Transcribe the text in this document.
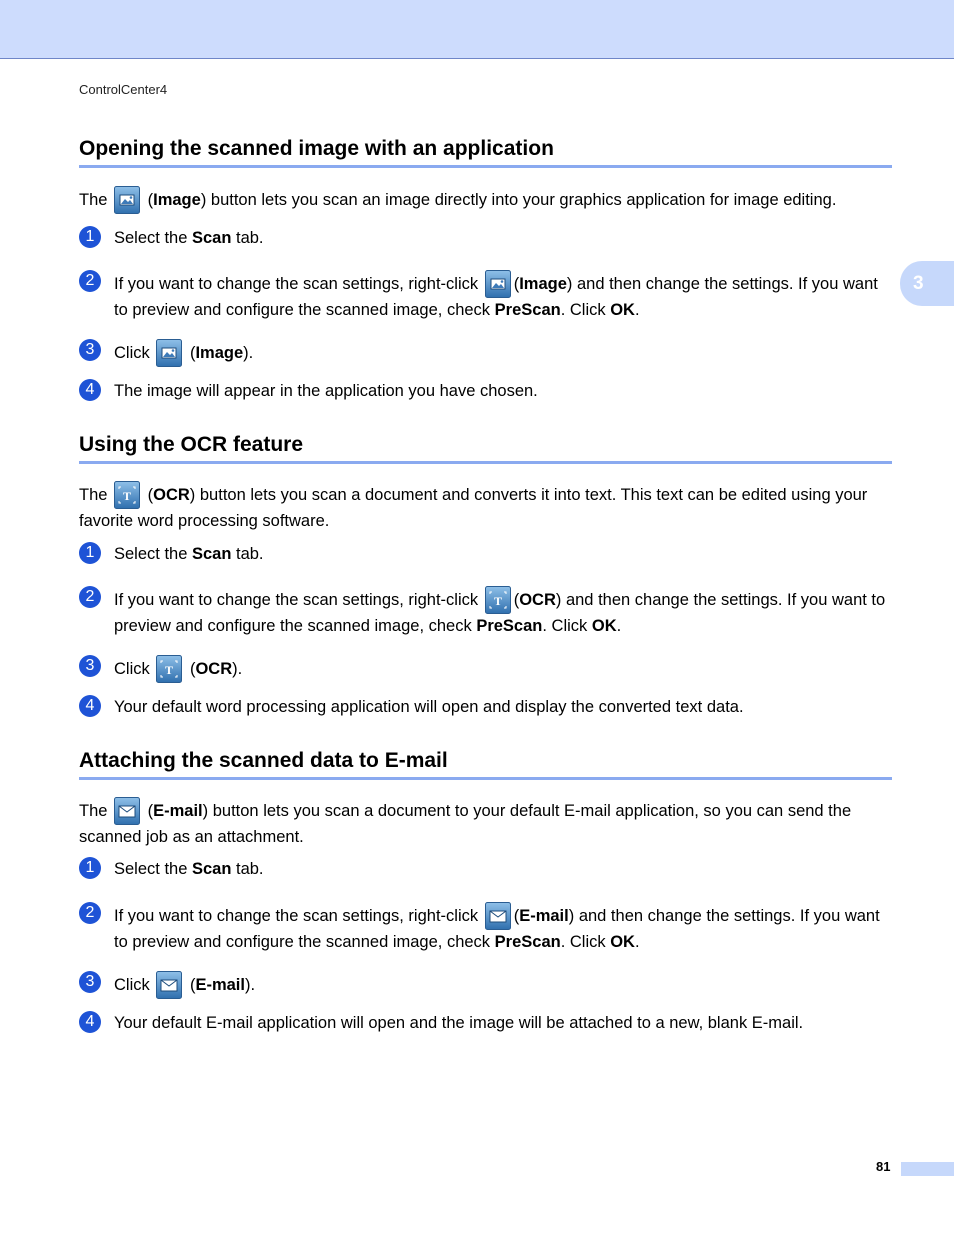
ControlCenter4
3
Opening the scanned image with an application

The (Image) button lets you scan an image directly into your graphics application for image editing.

1	Select the Scan tab.
2	If you want to change the scan settings, right-click (Image) and then change the settings. If you want to preview and configure the scanned image, check PreScan. Click OK.
3	Click (Image).
4	The image will appear in the application you have chosen.
Using the OCR feature

The (OCR) button lets you scan a document and converts it into text. This text can be edited using your favorite word processing software.

1	Select the Scan tab.
2	If you want to change the scan settings, right-click (OCR) and then change the settings. If you want to preview and configure the scanned image, check PreScan. Click OK.
3	Click (OCR).
4	Your default word processing application will open and display the converted text data.
Attaching the scanned data to E-mail

The (E-mail) button lets you scan a document to your default E-mail application, so you can send the scanned job as an attachment.

1	Select the Scan tab.
2	If you want to change the scan settings, right-click (E-mail) and then change the settings. If you want to preview and configure the scanned image, check PreScan. Click OK.
3	Click (E-mail).
4	Your default E-mail application will open and the image will be attached to a new, blank E-mail.
81
